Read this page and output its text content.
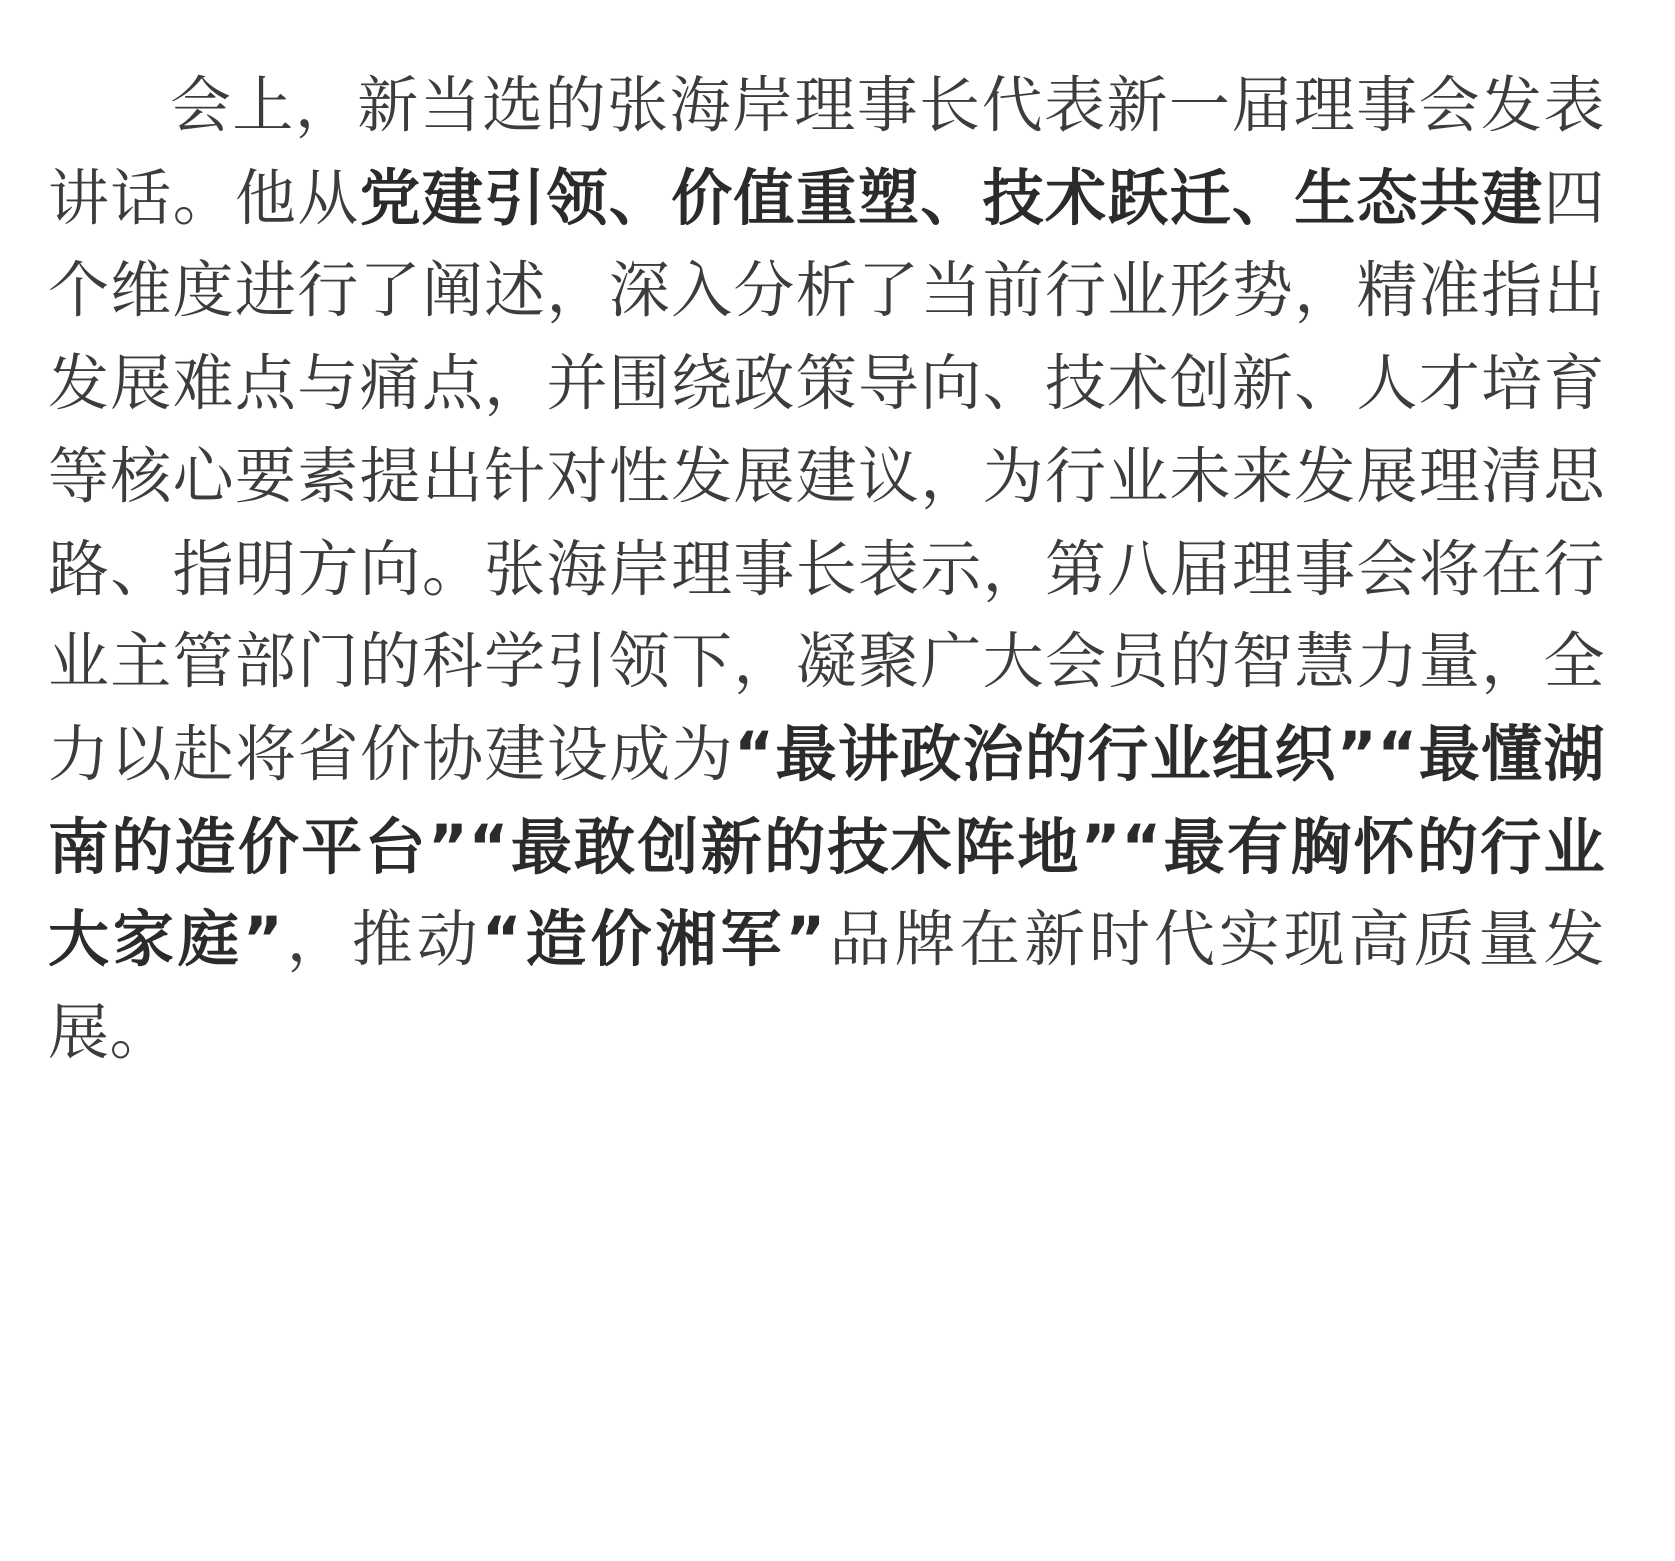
会上，新当选的张海岸理事长代表新一届理事会发表讲话。他从党建引领、价值重塑、技术跃迁、生态共建四个维度进行了阐述，深入分析了当前行业形势，精准指出发展难点与痛点，并围绕政策导向、技术创新、人才培育等核心要素提出针对性发展建议，为行业未来发展理清思路、指明方向。张海岸理事长表示，第八届理事会将在行业主管部门的科学引领下，凝聚广大会员的智慧力量，全力以赴将省价协建设成为“最讲政治的行业组织”“最懂湖南的造价平台”“最敢创新的技术阵地”“最有胸怀的行业大家庭”，推动“造价湘军”品牌在新时代实现高质量发展。
